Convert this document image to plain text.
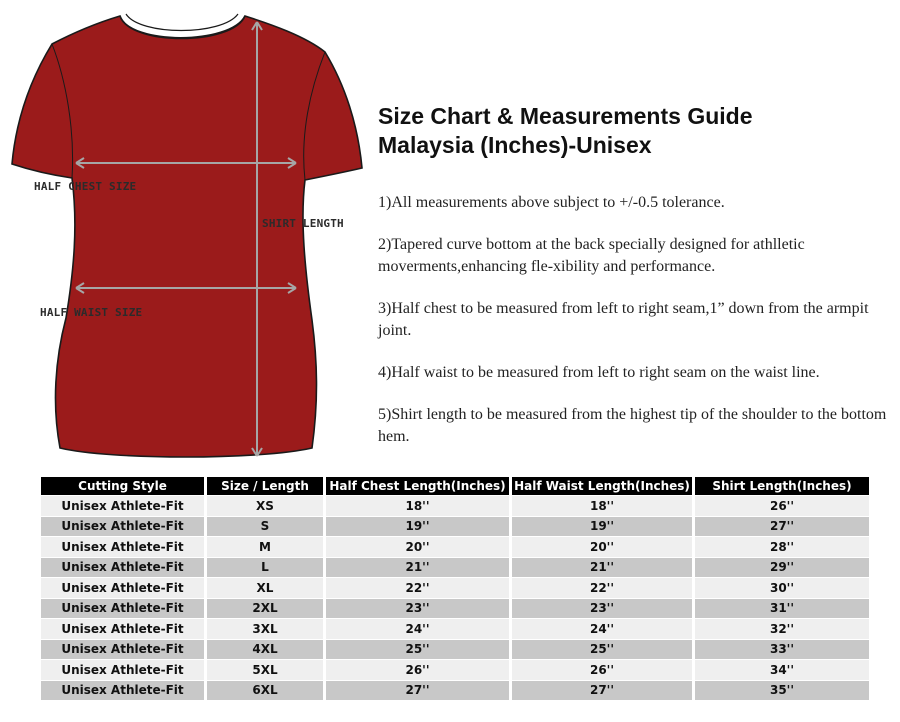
HALF CHEST SIZE
SHIRT LENGTH
HALF WAIST SIZE
Size Chart & Measurements Guide
Malaysia (Inches)-Unisex

1)All measurements above subject to +/-0.5 tolerance.

2)Tapered curve bottom at the back specially designed for athlletic moverments,enhancing fle-xibility and performance.

3)Half chest to be measured from left to right seam,1” down from the armpit joint.

4)Half waist to be measured from left to right seam on the waist line.

5)Shirt length to be measured from the highest tip of the shoulder to the bottom hem.

Cutting Style	Size / Length	Half Chest Length(Inches)	Half Waist Length(Inches)	Shirt Length(Inches)
Unisex Athlete-Fit	XS	18''	18''	26''
Unisex Athlete-Fit	S	19''	19''	27''
Unisex Athlete-Fit	M	20''	20''	28''
Unisex Athlete-Fit	L	21''	21''	29''
Unisex Athlete-Fit	XL	22''	22''	30''
Unisex Athlete-Fit	2XL	23''	23''	31''
Unisex Athlete-Fit	3XL	24''	24''	32''
Unisex Athlete-Fit	4XL	25''	25''	33''
Unisex Athlete-Fit	5XL	26''	26''	34''
Unisex Athlete-Fit	6XL	27''	27''	35''
